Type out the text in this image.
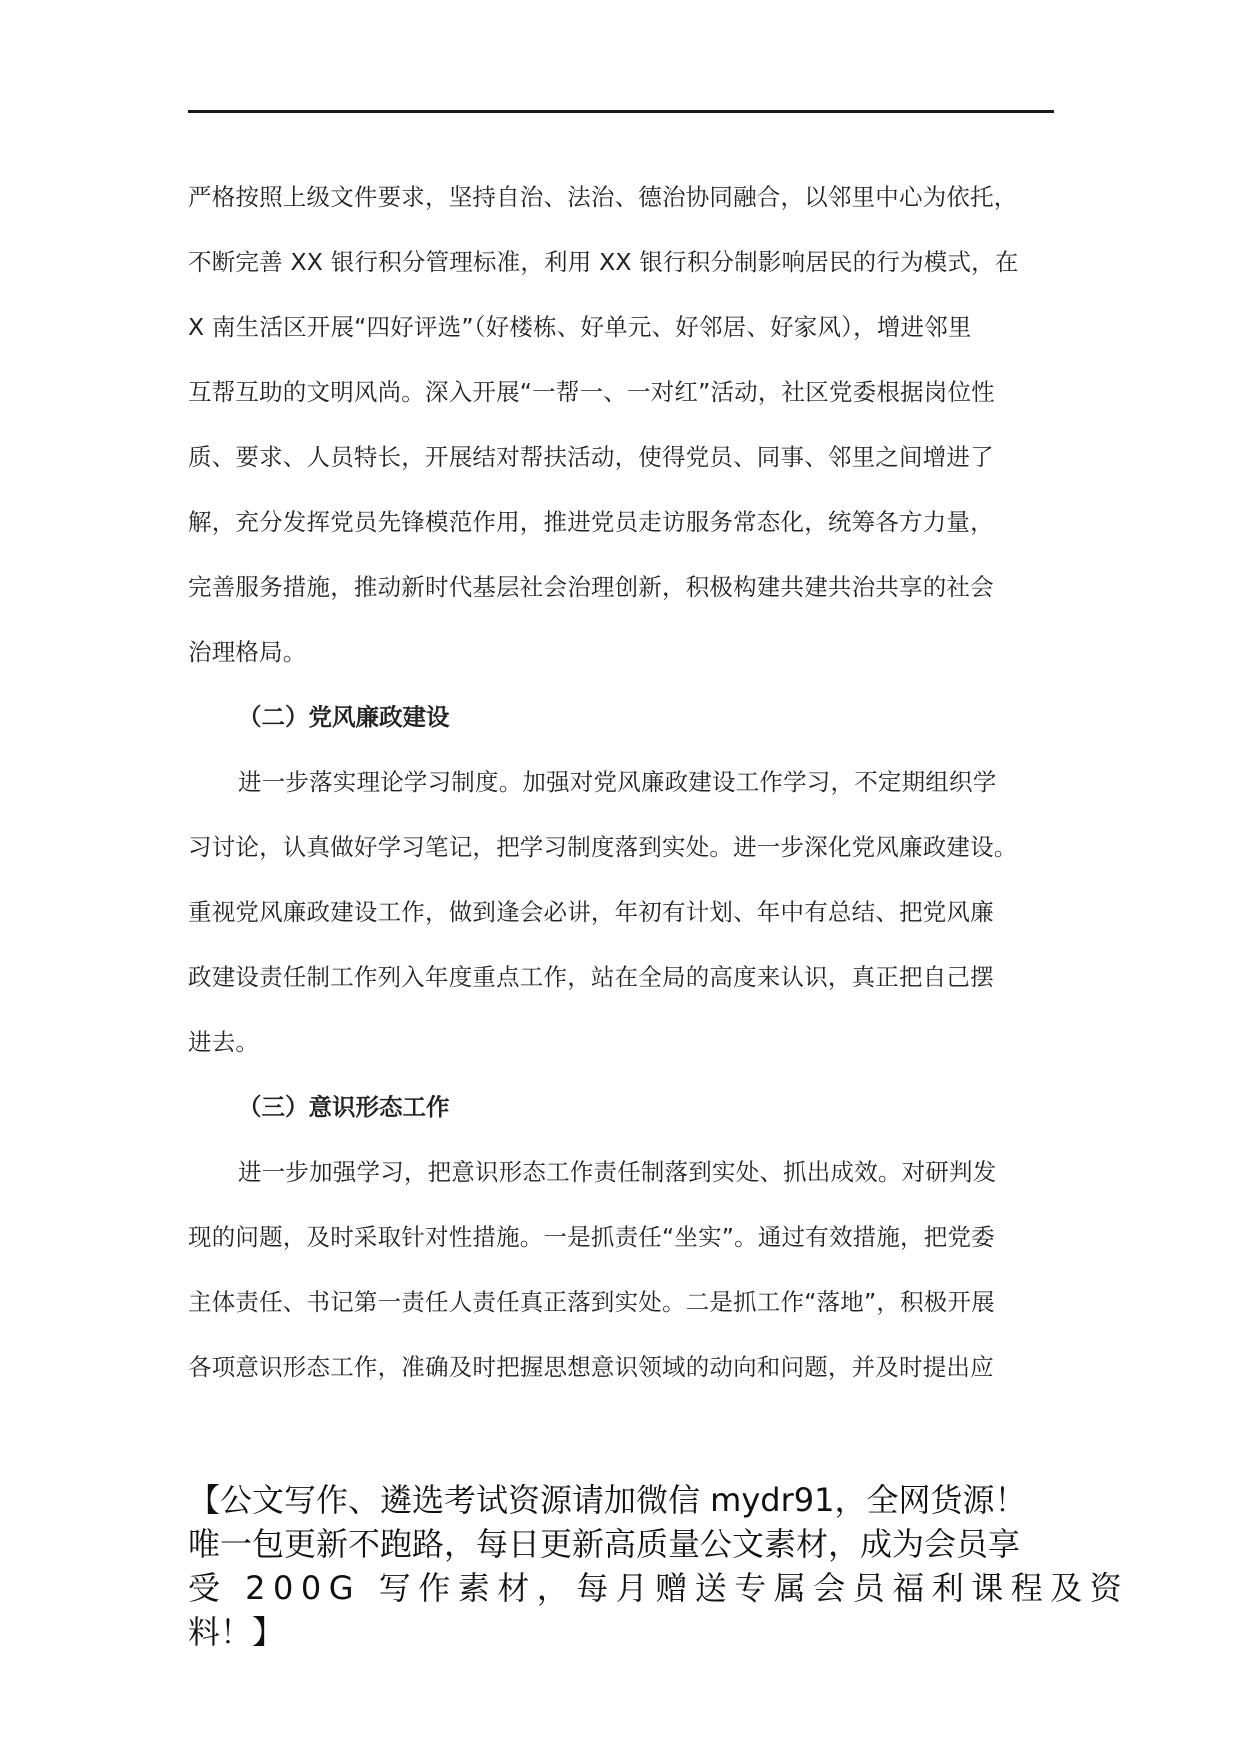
严格按照上级文件要求，坚持自治、法治、德治协同融合，以邻里中心为依托，
不断完善 XX 银行积分管理标准，利用 XX 银行积分制影响居民的行为模式，在
X 南生活区开展“四好评选”（好楼栋、好单元、好邻居、好家风），增进邻里
互帮互助的文明风尚。深入开展“一帮一、一对红”活动，社区党委根据岗位性
质、要求、人员特长，开展结对帮扶活动，使得党员、同事、邻里之间增进了
解，充分发挥党员先锋模范作用，推进党员走访服务常态化，统筹各方力量，
完善服务措施，推动新时代基层社会治理创新，积极构建共建共治共享的社会
治理格局。
（二）党风廉政建设
进一步落实理论学习制度。加强对党风廉政建设工作学习，不定期组织学
习讨论，认真做好学习笔记，把学习制度落到实处。进一步深化党风廉政建设。
重视党风廉政建设工作，做到逢会必讲，年初有计划、年中有总结、把党风廉
政建设责任制工作列入年度重点工作，站在全局的高度来认识，真正把自己摆
进去。
（三）意识形态工作
进一步加强学习，把意识形态工作责任制落到实处、抓出成效。对研判发
现的问题，及时采取针对性措施。一是抓责任“坐实”。通过有效措施，把党委
主体责任、书记第一责任人责任真正落到实处。二是抓工作“落地”，积极开展
各项意识形态工作，准确及时把握思想意识领域的动向和问题，并及时提出应
【公文写作、遴选考试资源请加微信 mydr91，全网货源！
唯一包更新不跑路，每日更新高质量公文素材，成为会员享
受 200G 写作素材，每月赠送专属会员福利课程及资
料！】
